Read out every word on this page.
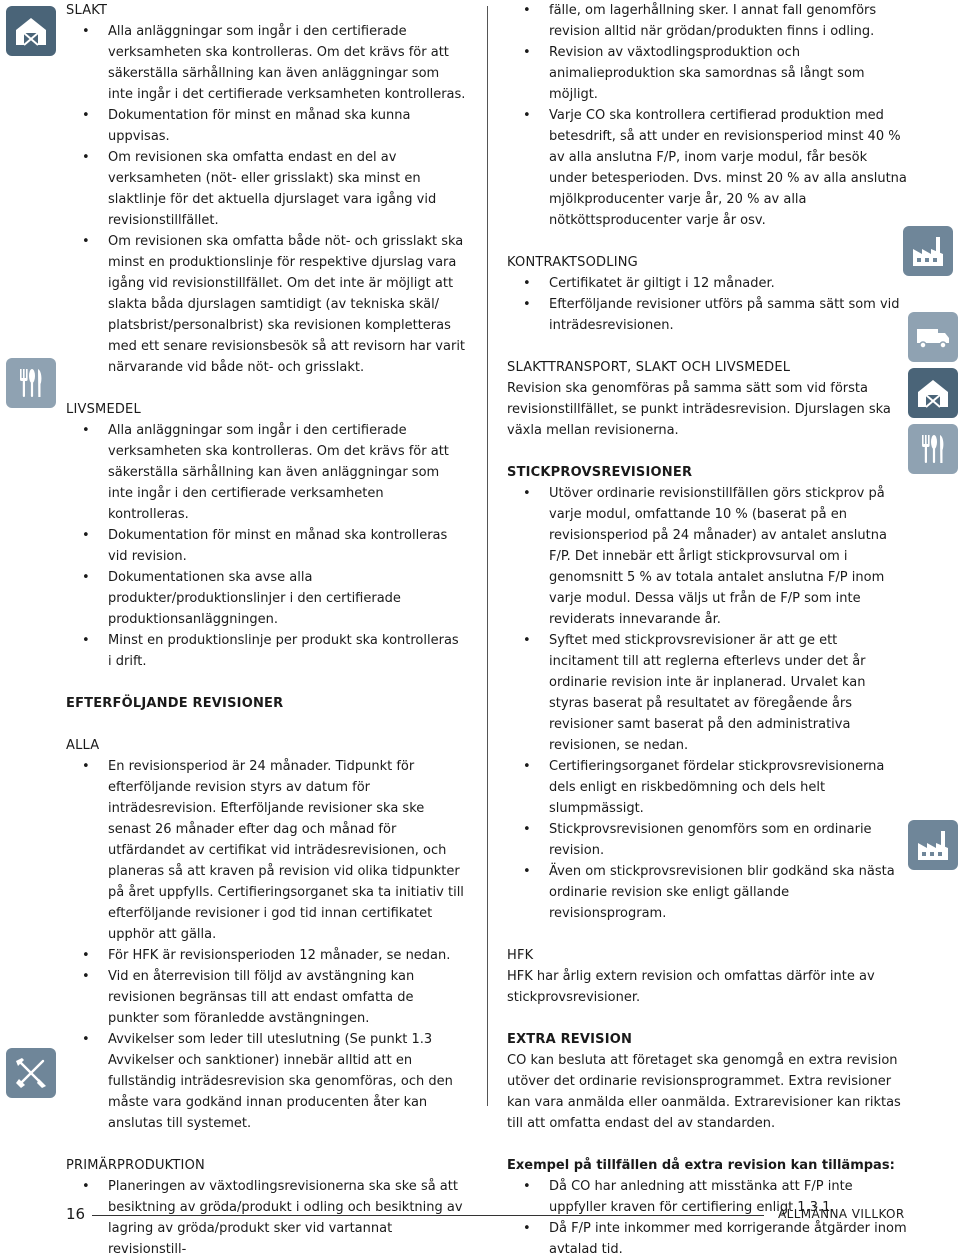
SLAKT
• Alla anläggningar som ingår i den certifierade verksamheten ska kontrolleras. Om det krävs för att säkerställa särhållning kan även anläggningar som inte ingår i det certifierade verksamheten kontrolleras.
• Dokumentation för minst en månad ska kunna uppvisas.
• Om revisionen ska omfatta endast en del av verksamheten (nöt- eller grisslakt) ska minst en slaktlinje för det aktuella djurslaget vara igång vid revisionstillfället.
• Om revisionen ska omfatta både nöt- och grisslakt ska minst en produktionslinje för respektive djurslag vara igång vid revisionstillfället. Om det inte är möjligt att slakta båda djurslagen samtidigt (av tekniska skäl/ platsbrist/personalbrist) ska revisionen kompletteras med ett senare revisionsbesök så att revisorn har varit närvarande vid både nöt- och grisslakt.
LIVSMEDEL
• Alla anläggningar som ingår i den certifierade verksamheten ska kontrolleras. Om det krävs för att säkerställa särhållning kan även anläggningar som inte ingår i den certifierade verksamheten kontrolleras.
• Dokumentation för minst en månad ska kontrolleras vid revision.
• Dokumentationen ska avse alla produkter/produktionslinjer i den certifierade produktionsanläggningen.
• Minst en produktionslinje per produkt ska kontrolleras i drift.
EFTERFÖLJANDE REVISIONER
ALLA
• En revisionsperiod är 24 månader. Tidpunkt för efterföljande revision styrs av datum för inträdesrevision. Efterföljande revisioner ska ske senast 26 månader efter dag och månad för utfärdandet av certifikat vid inträdesrevisionen, och planeras så att kraven på revision vid olika tidpunkter på året uppfylls. Certifieringsorganet ska ta initiativ till efterföljande revisioner i god tid innan certifikatet upphör att gälla.
• För HFK är revisionsperioden 12 månader, se nedan.
• Vid en återrevision till följd av avstängning kan revisionen begränsas till att endast omfatta de punkter som föranledde avstängningen.
• Avvikelser som leder till uteslutning (Se punkt 1.3 Avvikelser och sanktioner) innebär alltid att en fullständig inträdesrevision ska genomföras, och den måste vara godkänd innan producenten åter kan anslutas till systemet.
PRIMÄRPRODUKTION
• Planeringen av växtodlingsrevisionerna ska ske så att besiktning av gröda/produkt i odling och besiktning av lagring av gröda/produkt sker vid vartannat revisionstill-
• fälle, om lagerhållning sker. I annat fall genomförs revision alltid när grödan/produkten finns i odling.
• Revision av växtodlingsproduktion och animalieproduktion ska samordnas så långt som möjligt.
• Varje CO ska kontrollera certifierad produktion med betesdrift, så att under en revisionsperiod minst 40 % av alla anslutna F/P, inom varje modul, får besök under betesperioden. Dvs. minst 20 % av alla anslutna mjölkproducenter varje år, 20 % av alla nötköttsproducenter varje år osv.
KONTRAKTSODLING
• Certifikatet är giltigt i 12 månader.
• Efterföljande revisioner utförs på samma sätt som vid inträdesrevisionen.
SLAKTTRANSPORT, SLAKT OCH LIVSMEDEL
Revision ska genomföras på samma sätt som vid första revisionstillfället, se punkt inträdesrevision. Djurslagen ska växla mellan revisionerna.
STICKPROVSREVISIONER
• Utöver ordinarie revisionstillfällen görs stickprov på varje modul, omfattande 10 % (baserat på en revisionsperiod på 24 månader) av antalet anslutna F/P. Det innebär ett årligt stickprovsurval om i genomsnitt 5 % av totala antalet anslutna F/P inom varje modul. Dessa väljs ut från de F/P som inte reviderats innevarande år.
• Syftet med stickprovsrevisioner är att ge ett incitament till att reglerna efterlevs under det år ordinarie revision inte är inplanerad. Urvalet kan styras baserat på resultatet av föregående års revisioner samt baserat på den administrativa revisionen, se nedan.
• Certifieringsorganet fördelar stickprovsrevisionerna dels enligt en riskbedömning och dels helt slumpmässigt.
• Stickprovsrevisionen genomförs som en ordinarie revision.
• Även om stickprovsrevisionen blir godkänd ska nästa ordinarie revision ske enligt gällande revisionsprogram.
HFK
HFK har årlig extern revision och omfattas därför inte av stickprovsrevisioner.
EXTRA REVISION
CO kan besluta att företaget ska genomgå en extra revision utöver det ordinarie revisionsprogrammet. Extra revisioner kan vara anmälda eller oanmälda. Extrarevisioner kan riktas till att omfatta endast del av standarden.
Exempel på tillfällen då extra revision kan tillämpas:
• Då CO har anledning att misstänka att F/P inte uppfyller kraven för certifiering enligt 1.3.1.
• Då F/P inte inkommer med korrigerande åtgärder inom avtalad tid.
16	ALLMÄNNA VILLKOR
